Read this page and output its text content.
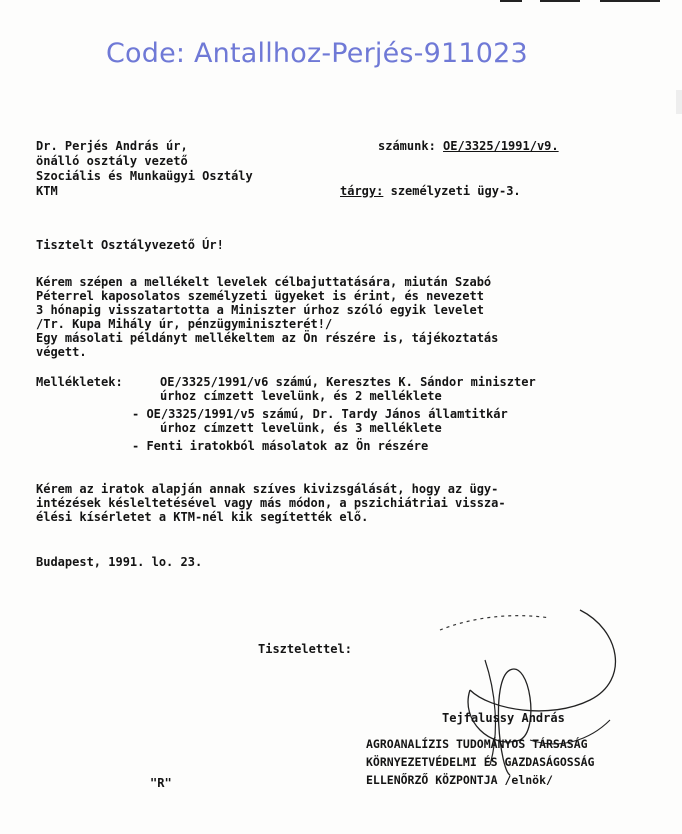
Code: Antallhoz-Perjés-911023
Dr. Perjés András úr,
önálló osztály vezető
Szociális és Munkaügyi Osztály
KTM
számunk: OE/3325/1991/v9.
tárgy: személyzeti ügy-3.
Tisztelt Osztályvezető Úr!
Kérem szépen a mellékelt levelek célbajuttatására, miután Szabó
Péterrel kaposolatos személyzeti ügyeket is érint, és nevezett
3 hónapig visszatartotta a Miniszter úrhoz szóló egyik levelet
/Tr. Kupa Mihály úr, pénzügyminiszterét!/
Egy másolati példányt mellékeltem az Ön részére is, tájékoztatás
végett.
Mellékletek:	OE/3325/1991/v6 számú, Keresztes K. Sándor miniszter
úrhoz címzett levelünk, és 2 melléklete
- OE/3325/1991/v5 számú, Dr. Tardy János államtitkár
úrhoz címzett levelünk, és 3 melléklete
- Fenti iratokból másolatok az Ön részére
Kérem az iratok alapján annak szíves kivizsgálását, hogy az ügy-
intézések késleltetésével vagy más módon, a pszichiátriai vissza-
élési kísérletet a KTM-nél kik segítették elő.
Budapest, 1991. lo. 23.
Tisztelettel:
Tejfalussy András
AGROANALÍZIS TUDOMÁNYOS TÁRSASÁG
KÖRNYEZETVÉDELMI ÉS GAZDASÁGOSSÁG
ELLENŐRZŐ KÖZPONTJA /elnök/
"R"
